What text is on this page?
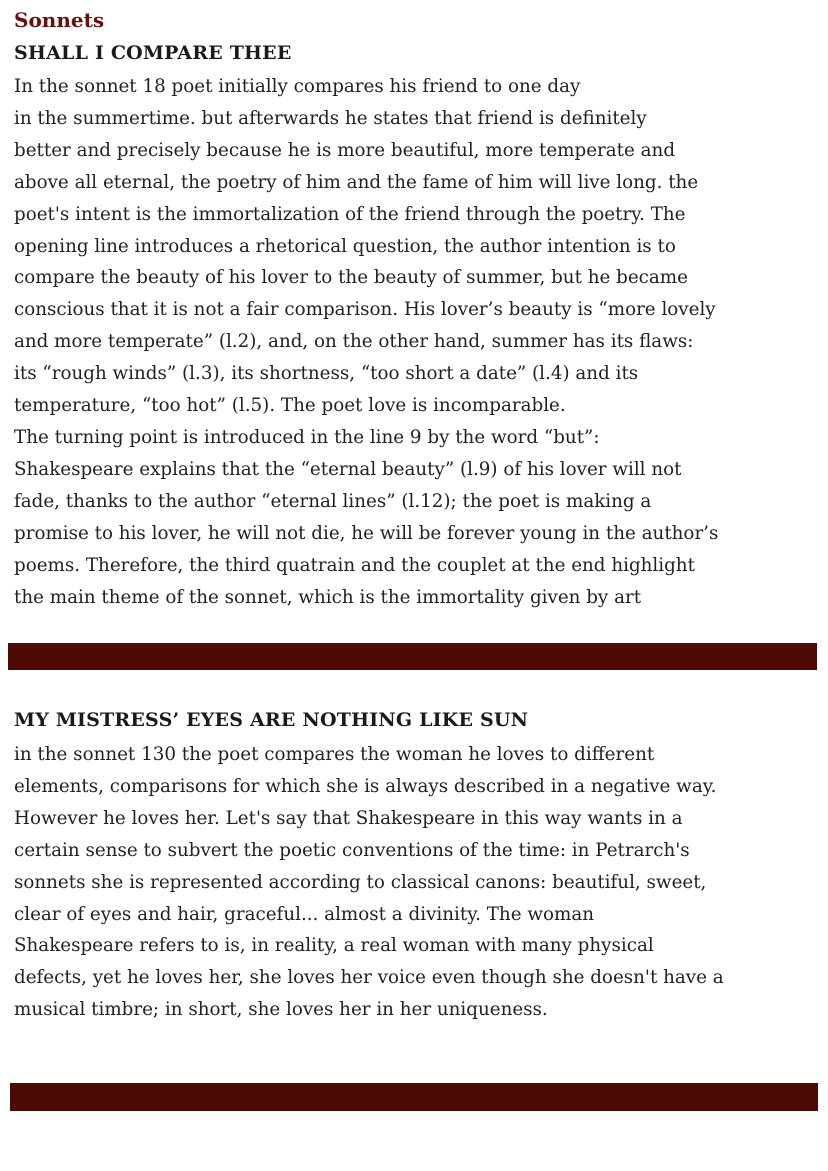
Sonnets
SHALL I COMPARE THEE
In the sonnet 18 poet initially compares his friend to one day
in the summertime. but afterwards he states that friend is definitely
better and precisely because he is more beautiful, more temperate and
above all eternal, the poetry of him and the fame of him will live long. the
poet's intent is the immortalization of the friend through the poetry. The
opening line introduces a rhetorical question, the author intention is to
compare the beauty of his lover to the beauty of summer, but he became
conscious that it is not a fair comparison. His lover’s beauty is “more lovely
and more temperate” (l.2), and, on the other hand, summer has its flaws:
its “rough winds” (l.3), its shortness, “too short a date” (l.4) and its
temperature, “too hot” (l.5). The poet love is incomparable.
The turning point is introduced in the line 9 by the word “but”:
Shakespeare explains that the “eternal beauty” (l.9) of his lover will not
fade, thanks to the author “eternal lines” (l.12); the poet is making a
promise to his lover, he will not die, he will be forever young in the author’s
poems. Therefore, the third quatrain and the couplet at the end highlight
the main theme of the sonnet, which is the immortality given by art
MY MISTRESS’ EYES ARE NOTHING LIKE SUN
in the sonnet 130 the poet compares the woman he loves to different
elements, comparisons for which she is always described in a negative way.
However he loves her. Let's say that Shakespeare in this way wants in a
certain sense to subvert the poetic conventions of the time: in Petrarch's
sonnets she is represented according to classical canons: beautiful, sweet,
clear of eyes and hair, graceful... almost a divinity. The woman
Shakespeare refers to is, in reality, a real woman with many physical
defects, yet he loves her, she loves her voice even though she doesn't have a
musical timbre; in short, she loves her in her uniqueness.
